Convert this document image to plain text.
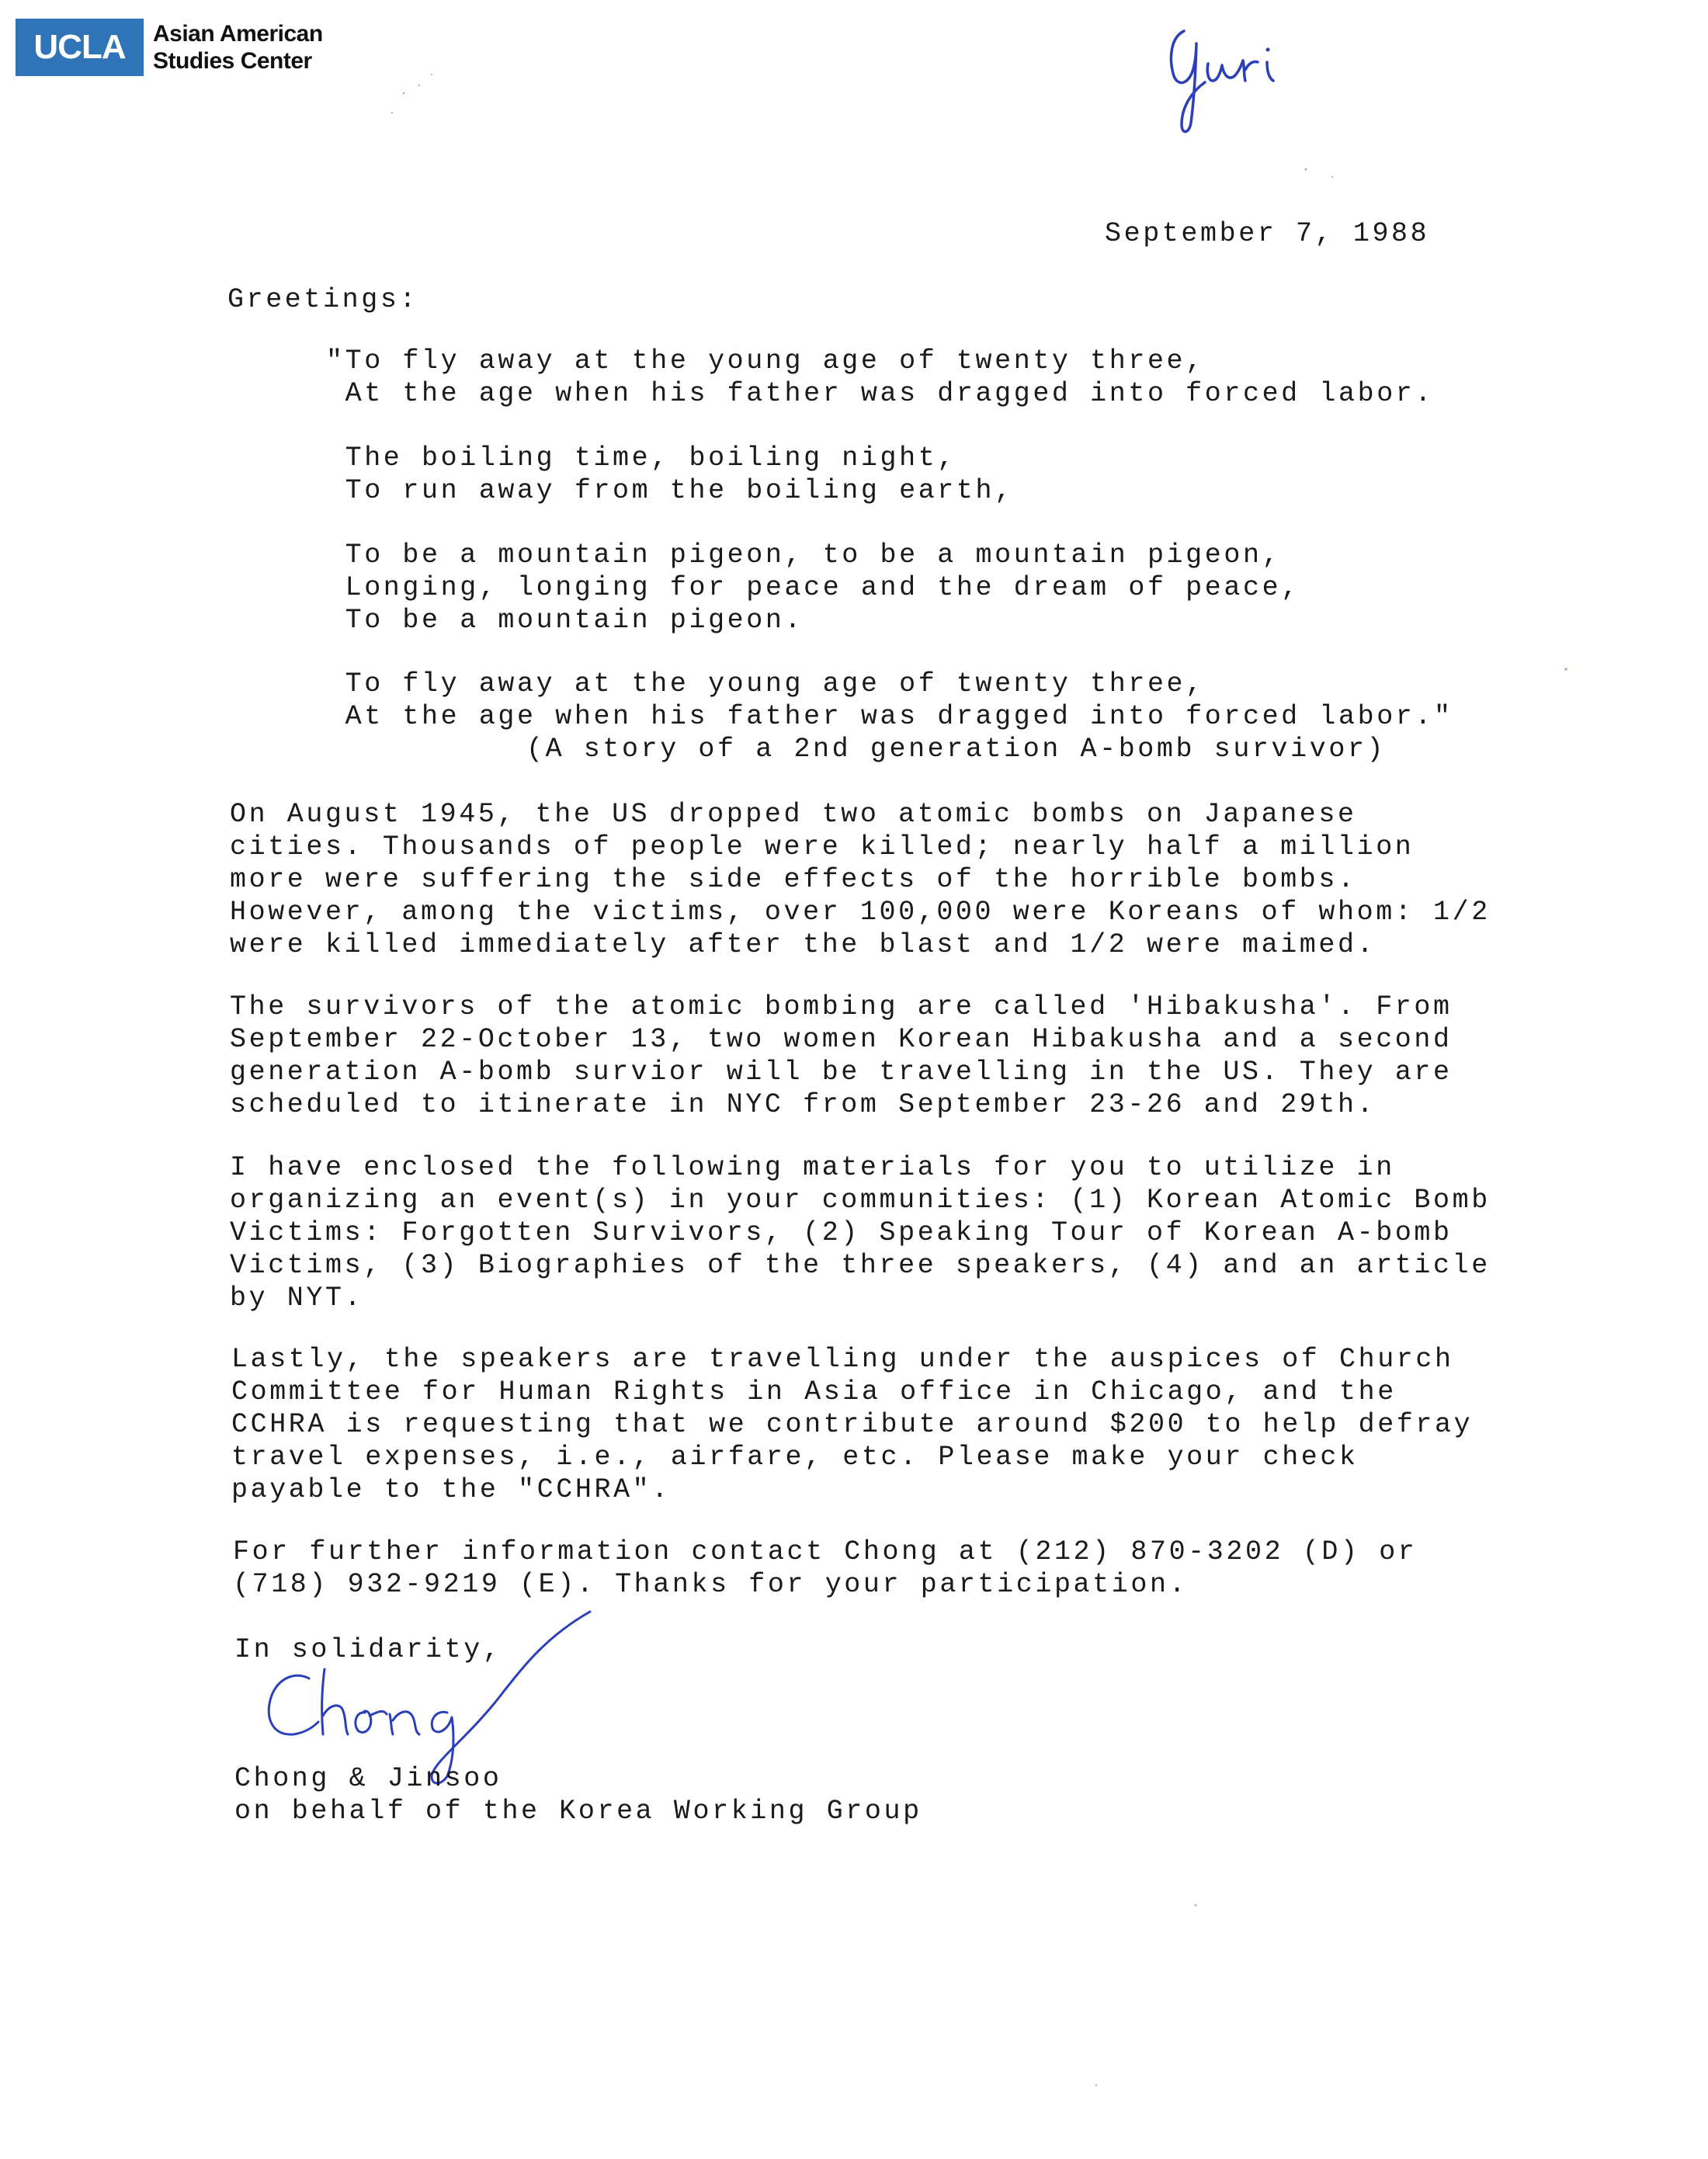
UCLA	Asian American
Studies Center
September 7, 1988
Greetings:
"To fly away at the young age of twenty three,
At the age when his father was dragged into forced labor.
The boiling time, boiling night,
To run away from the boiling earth,
To be a mountain pigeon, to be a mountain pigeon,
Longing, longing for peace and the dream of peace,
To be a mountain pigeon.
To fly away at the young age of twenty three,
At the age when his father was dragged into forced labor."
(A story of a 2nd generation A-bomb survivor)
On August 1945, the US dropped two atomic bombs on Japanese cities. Thousands of people were killed; nearly half a million more were suffering the side effects of the horrible bombs. However, among the victims, over 100,000 were Koreans of whom: 1/2 were killed immediately after the blast and 1/2 were maimed.
The survivors of the atomic bombing are called 'Hibakusha'. From September 22-October 13, two women Korean Hibakusha and a second generation A-bomb survior will be travelling in the US. They are scheduled to itinerate in NYC from September 23-26 and 29th.
I have enclosed the following materials for you to utilize in organizing an event(s) in your communities: (1) Korean Atomic Bomb Victims: Forgotten Survivors, (2) Speaking Tour of Korean A-bomb Victims, (3) Biographies of the three speakers, (4) and an article by NYT.
Lastly, the speakers are travelling under the auspices of Church Committee for Human Rights in Asia office in Chicago, and the CCHRA is requesting that we contribute around $200 to help defray travel expenses, i.e., airfare, etc. Please make your check payable to the "CCHRA".
For further information contact Chong at (212) 870-3202 (D) or (718) 932-9219 (E). Thanks for your participation.
In solidarity,
Chong & Jinsoo
on behalf of the Korea Working Group
